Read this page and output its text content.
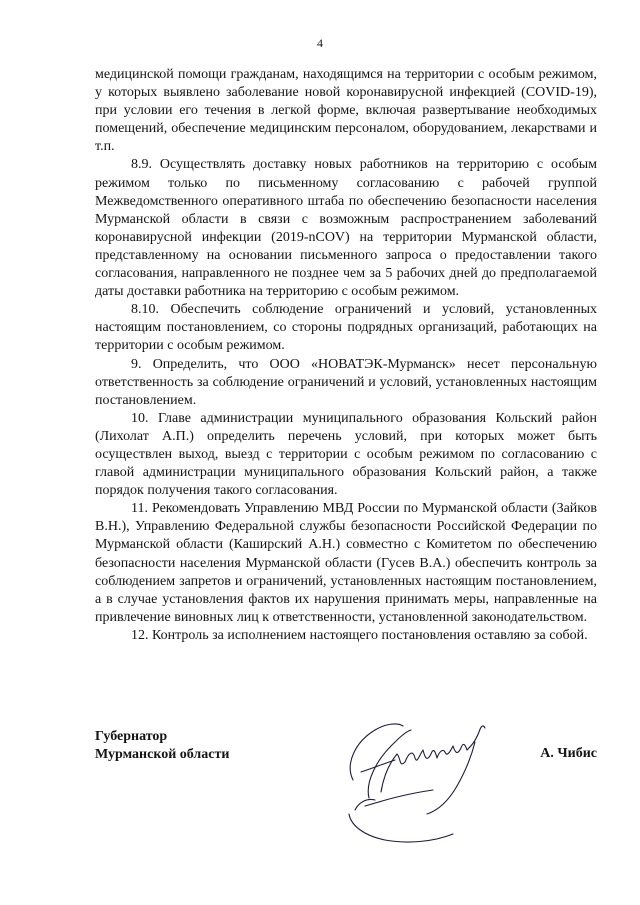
4

медицинской помощи гражданам, находящимся на территории с особым режимом, у которых выявлено заболевание новой коронавирусной инфекцией (COVID-19), при условии его течения в легкой форме, включая развертывание необходимых помещений, обеспечение медицинским персоналом, оборудованием, лекарствами и т.п.

8.9. Осуществлять доставку новых работников на территорию с особым режимом только по письменному согласованию с рабочей группой Межведомственного оперативного штаба по обеспечению безопасности населения Мурманской области в связи с возможным распространением заболеваний коронавирусной инфекции (2019-nCOV) на территории Мурманской области, представленному на основании письменного запроса о предоставлении такого согласования, направленного не позднее чем за 5 рабочих дней до предполагаемой даты доставки работника на территорию с особым режимом.

8.10. Обеспечить соблюдение ограничений и условий, установленных настоящим постановлением, со стороны подрядных организаций, работающих на территории с особым режимом.

9. Определить, что ООО «НОВАТЭК-Мурманск» несет персональную ответственность за соблюдение ограничений и условий, установленных настоящим постановлением.

10. Главе администрации муниципального образования Кольский район (Лихолат А.П.) определить перечень условий, при которых может быть осуществлен выход, выезд с территории с особым режимом по согласованию с главой администрации муниципального образования Кольский район, а также порядок получения такого согласования.

11. Рекомендовать Управлению МВД России по Мурманской области (Зайков В.Н.), Управлению Федеральной службы безопасности Российской Федерации по Мурманской области (Каширский А.Н.) совместно с Комитетом по обеспечению безопасности населения Мурманской области (Гусев В.А.) обеспечить контроль за соблюдением запретов и ограничений, установленных настоящим постановлением, а в случае установления фактов их нарушения принимать меры, направленные на привлечение виновных лиц к ответственности, установленной законодательством.

12. Контроль за исполнением настоящего постановления оставляю за собой.

Губернатор
Мурманской области	А. Чибис
